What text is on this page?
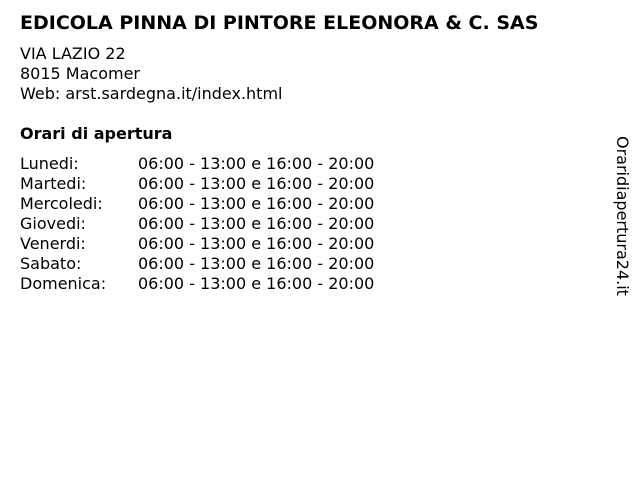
EDICOLA PINNA DI PINTORE ELEONORA & C. SAS
VIA LAZIO 22
8015 Macomer
Web: arst.sardegna.it/index.html
Orari di apertura
Lunedi:	06:00 - 13:00 e 16:00 - 20:00
Martedi:	06:00 - 13:00 e 16:00 - 20:00
Mercoledi:	06:00 - 13:00 e 16:00 - 20:00
Giovedi:	06:00 - 13:00 e 16:00 - 20:00
Venerdi:	06:00 - 13:00 e 16:00 - 20:00
Sabato:	06:00 - 13:00 e 16:00 - 20:00
Domenica:	06:00 - 13:00 e 16:00 - 20:00	Oraridiapertura24.it
